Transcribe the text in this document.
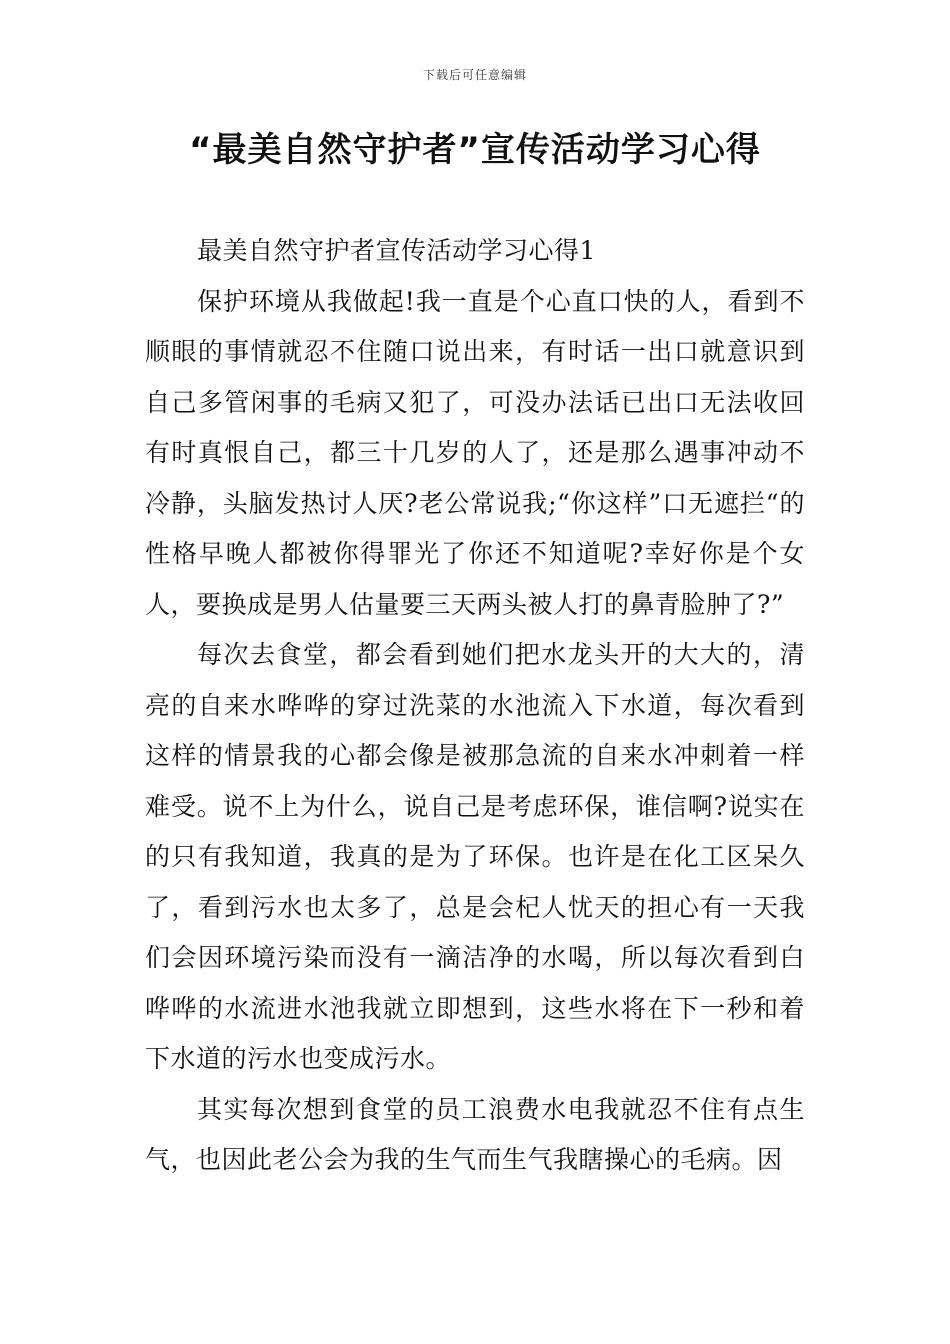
下载后可任意编辑
“最美自然守护者”宣传活动学习心得

最美自然守护者宣传活动学习心得1

保护环境从我做起!我一直是个心直口快的人，看到不顺眼的事情就忍不住随口说出来，有时话一出口就意识到自己多管闲事的毛病又犯了，可没办法话已出口无法收回有时真恨自己，都三十几岁的人了，还是那么遇事冲动不冷静，头脑发热讨人厌?老公常说我;“你这样”口无遮拦“的性格早晚人都被你得罪光了你还不知道呢?幸好你是个女人，要换成是男人估量要三天两头被人打的鼻青脸肿了?”

每次去食堂，都会看到她们把水龙头开的大大的，清亮的自来水哗哗的穿过洗菜的水池流入下水道，每次看到这样的情景我的心都会像是被那急流的自来水冲刺着一样难受。说不上为什么，说自己是考虑环保，谁信啊?说实在的只有我知道，我真的是为了环保。也许是在化工区呆久了，看到污水也太多了，总是会杞人忧天的担心有一天我们会因环境污染而没有一滴洁净的水喝，所以每次看到白哗哗的水流进水池我就立即想到，这些水将在下一秒和着下水道的污水也变成污水。

其实每次想到食堂的员工浪费水电我就忍不住有点生气，也因此老公会为我的生气而生气我瞎操心的毛病。因
